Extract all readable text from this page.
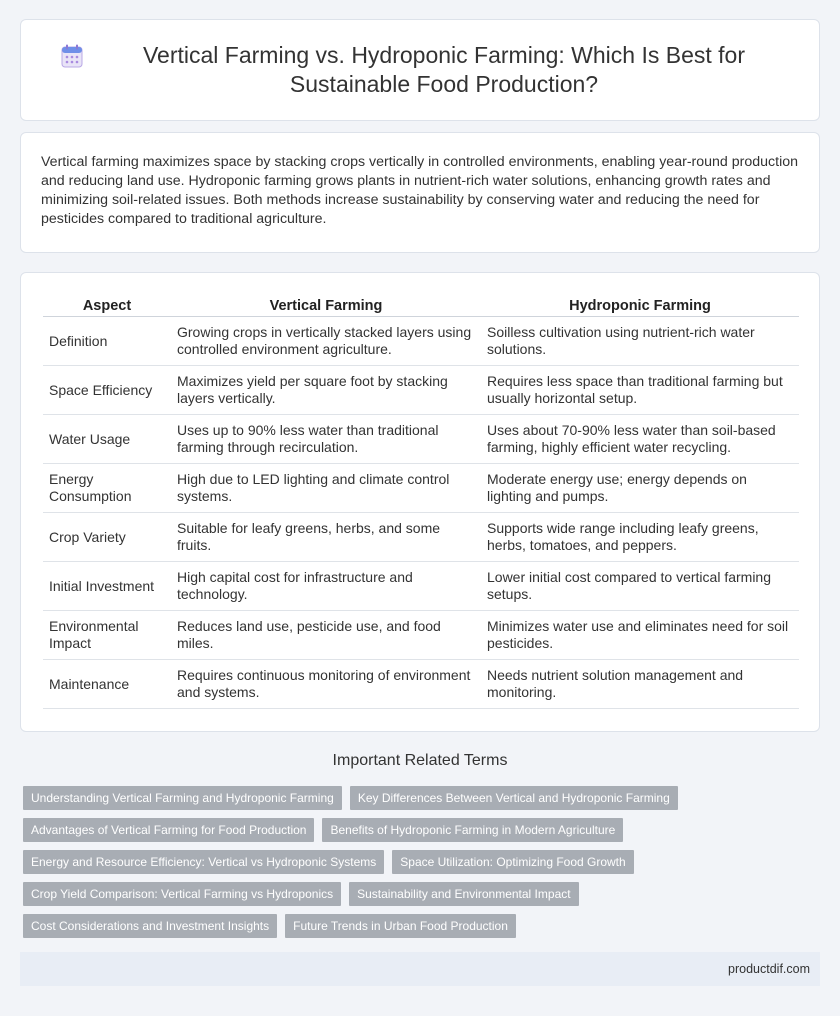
Vertical Farming vs. Hydroponic Farming: Which Is Best for Sustainable Food Production?

Vertical farming maximizes space by stacking crops vertically in controlled environments, enabling year-round production and reducing land use. Hydroponic farming grows plants in nutrient-rich water solutions, enhancing growth rates and minimizing soil-related issues. Both methods increase sustainability by conserving water and reducing the need for pesticides compared to traditional agriculture.

Aspect	Vertical Farming	Hydroponic Farming
Definition	Growing crops in vertically stacked layers using controlled environment agriculture.	Soilless cultivation using nutrient-rich water solutions.
Space Efficiency	Maximizes yield per square foot by stacking layers vertically.	Requires less space than traditional farming but usually horizontal setup.
Water Usage	Uses up to 90% less water than traditional farming through recirculation.	Uses about 70-90% less water than soil-based farming, highly efficient water recycling.
Energy Consumption	High due to LED lighting and climate control systems.	Moderate energy use; energy depends on lighting and pumps.
Crop Variety	Suitable for leafy greens, herbs, and some fruits.	Supports wide range including leafy greens, herbs, tomatoes, and peppers.
Initial Investment	High capital cost for infrastructure and technology.	Lower initial cost compared to vertical farming setups.
Environmental Impact	Reduces land use, pesticide use, and food miles.	Minimizes water use and eliminates need for soil pesticides.
Maintenance	Requires continuous monitoring of environment and systems.	Needs nutrient solution management and monitoring.
Important Related Terms
Understanding Vertical Farming and Hydroponic Farming	Key Differences Between Vertical and Hydroponic Farming
Advantages of Vertical Farming for Food Production	Benefits of Hydroponic Farming in Modern Agriculture
Energy and Resource Efficiency: Vertical vs Hydroponic Systems	Space Utilization: Optimizing Food Growth
Crop Yield Comparison: Vertical Farming vs Hydroponics	Sustainability and Environmental Impact
Cost Considerations and Investment Insights	Future Trends in Urban Food Production
productdif.com
